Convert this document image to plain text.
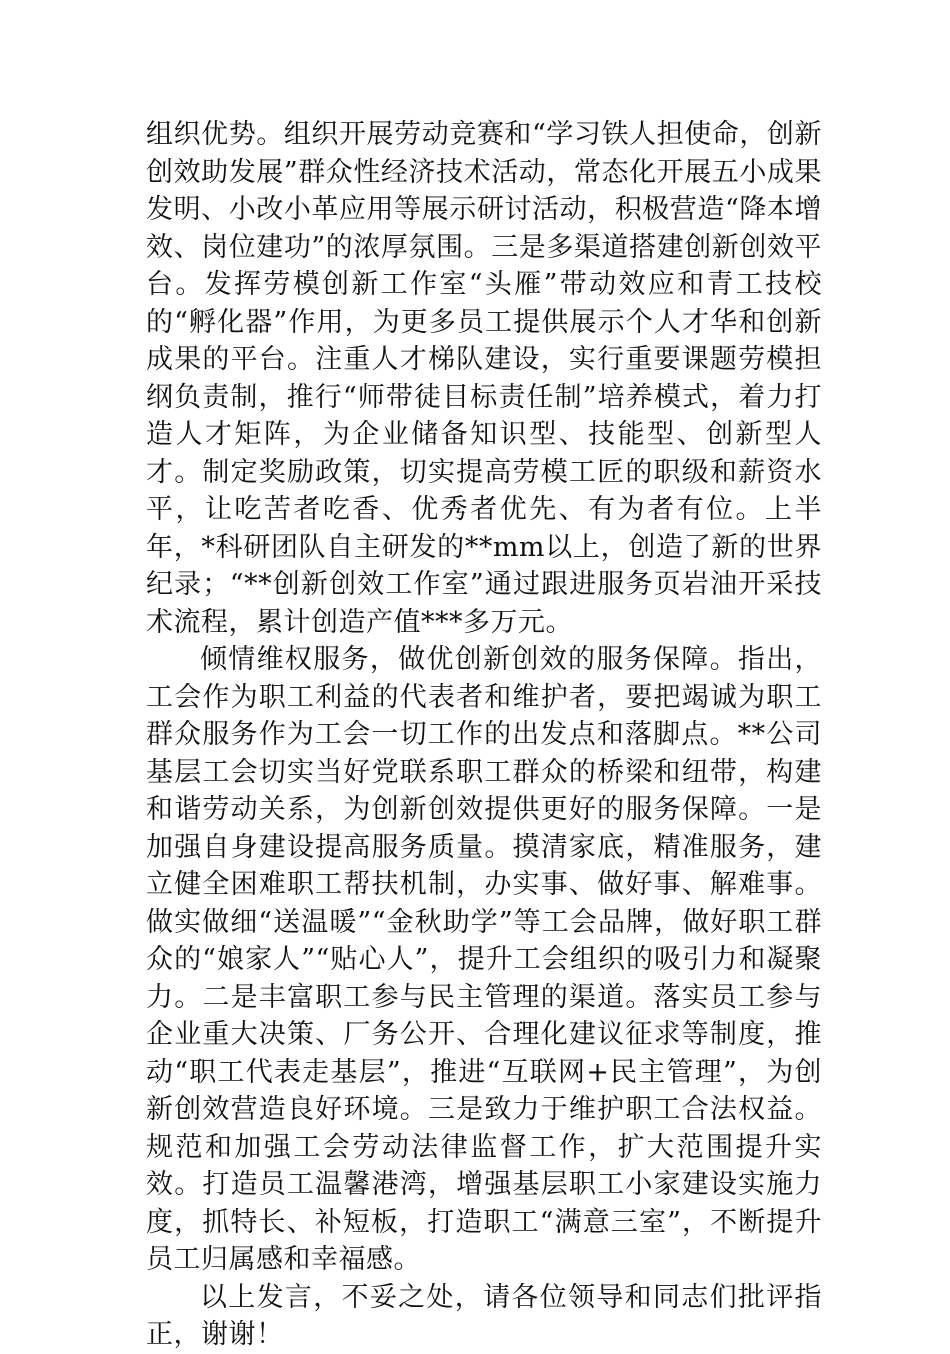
组织优势。组织开展劳动竞赛和“学习铁人担使命，创新创效助发展”群众性经济技术活动，常态化开展五小成果发明、小改小革应用等展示研讨活动，积极营造“降本增效、岗位建功”的浓厚氛围。三是多渠道搭建创新创效平台。发挥劳模创新工作室“头雁”带动效应和青工技校的“孵化器”作用，为更多员工提供展示个人才华和创新成果的平台。注重人才梯队建设，实行重要课题劳模担纲负责制，推行“师带徒目标责任制”培养模式，着力打造人才矩阵，为企业储备知识型、技能型、创新型人才。制定奖励政策，切实提高劳模工匠的职级和薪资水平，让吃苦者吃香、优秀者优先、有为者有位。上半年，*科研团队自主研发的**mm以上，创造了新的世界纪录；“**创新创效工作室”通过跟进服务页岩油开采技术流程，累计创造产值***多万元。

倾情维权服务，做优创新创效的服务保障。指出，工会作为职工利益的代表者和维护者，要把竭诚为职工群众服务作为工会一切工作的出发点和落脚点。**公司基层工会切实当好党联系职工群众的桥梁和纽带，构建和谐劳动关系，为创新创效提供更好的服务保障。一是加强自身建设提高服务质量。摸清家底，精准服务，建立健全困难职工帮扶机制，办实事、做好事、解难事。做实做细“送温暖”“金秋助学”等工会品牌，做好职工群众的“娘家人”“贴心人”，提升工会组织的吸引力和凝聚力。二是丰富职工参与民主管理的渠道。落实员工参与企业重大决策、厂务公开、合理化建议征求等制度，推动“职工代表走基层”，推进“互联网+民主管理”，为创新创效营造良好环境。三是致力于维护职工合法权益。规范和加强工会劳动法律监督工作，扩大范围提升实效。打造员工温馨港湾，增强基层职工小家建设实施力度，抓特长、补短板，打造职工“满意三室”，不断提升员工归属感和幸福感。

以上发言，不妥之处，请各位领导和同志们批评指正，谢谢！
